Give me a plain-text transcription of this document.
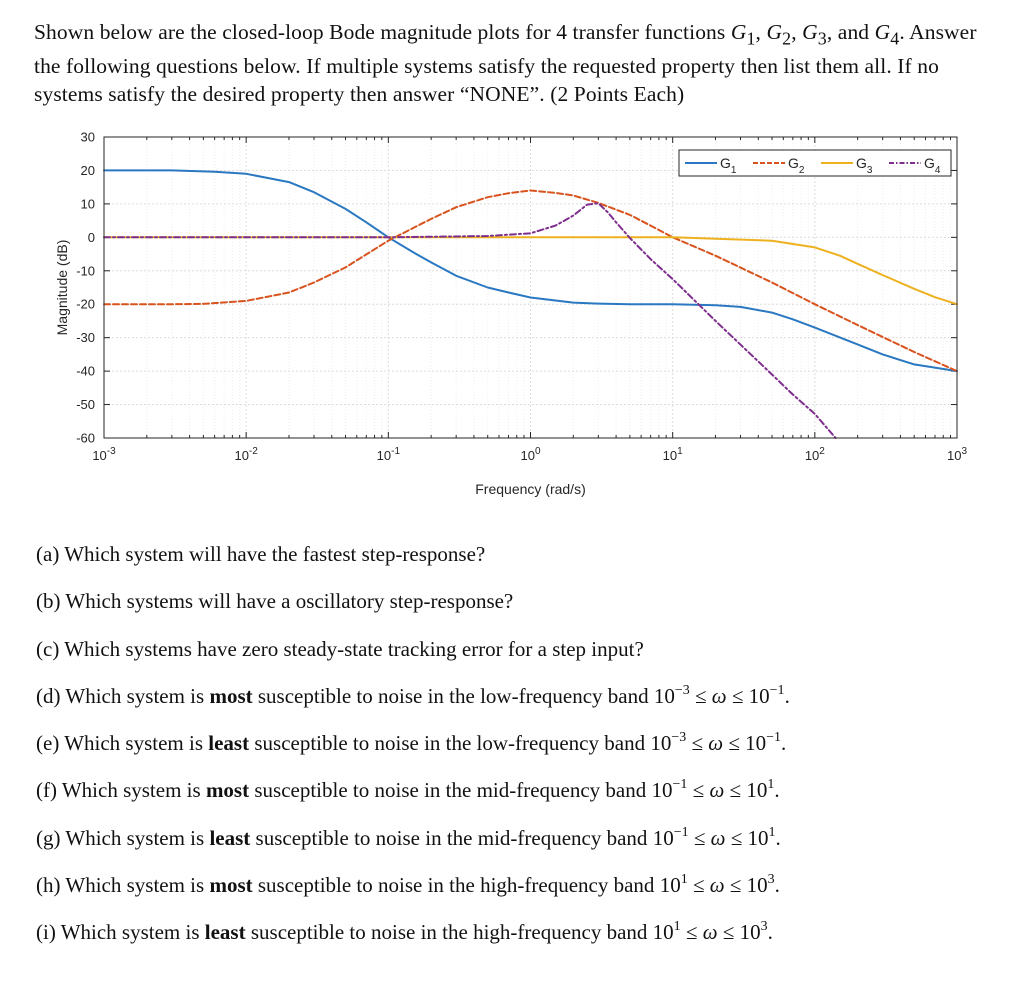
Shown below are the closed-loop Bode magnitude plots for 4 transfer functions $G_1$, $G_2$, $G_3$, and $G_4$. Answer the following questions below. If multiple systems satisfy the requested property then list them all. If no systems satisfy the desired property then answer “NONE”. (2 Points Each)
30
20
10
0
-10
-20
-30
-40
-50
-60
$10^{-3}$	$10^{-2}$	$10^{-1}$	$10^0$	$10^1$	$10^2$	$10^3$
Frequency (rad/s)
Magnitude (dB)
$G_1$	$G_2$	$G_3$	$G_4$
(a) Which system will have the fastest step-response?
(b) Which systems will have a oscillatory step-response?
(c) Which systems have zero steady-state tracking error for a step input?
(d) Which system is most susceptible to noise in the low-frequency band $10^{-3} \le \omega \le 10^{-1}$.
(e) Which system is least susceptible to noise in the low-frequency band $10^{-3} \le \omega \le 10^{-1}$.
(f) Which system is most susceptible to noise in the mid-frequency band $10^{-1} \le \omega \le 10^1$.
(g) Which system is least susceptible to noise in the mid-frequency band $10^{-1} \le \omega \le 10^1$.
(h) Which system is most susceptible to noise in the high-frequency band $10^1 \le \omega \le 10^3$.
(i) Which system is least susceptible to noise in the high-frequency band $10^1 \le \omega \le 10^3$.
